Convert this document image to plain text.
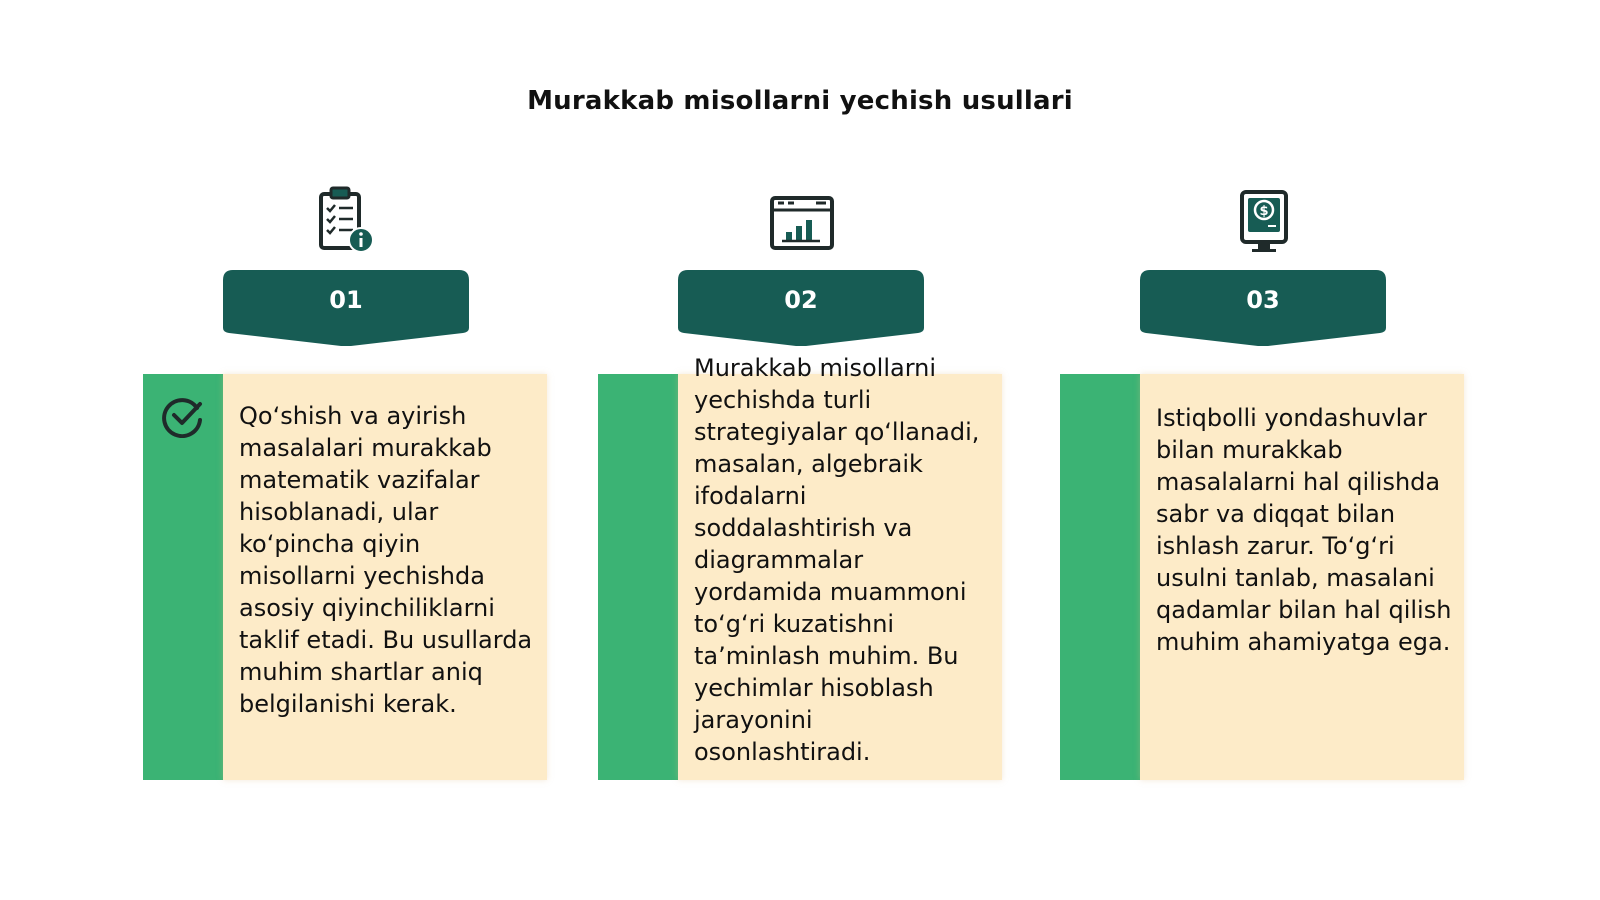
Murakkab misollarni yechish usullari
01
Qo‘shish va ayirish masalalari murakkab matematik vazifalar hisoblanadi, ular ko‘pincha qiyin misollarni yechishda asosiy qiyinchiliklarni taklif etadi. Bu usullarda muhim shartlar aniq belgilanishi kerak.
02
Murakkab misollarni yechishda turli strategiyalar qo‘llanadi, masalan, algebraik ifodalarni soddalashtirish va diagrammalar yordamida muammoni to‘g‘ri kuzatishni ta’minlash muhim. Bu yechimlar hisoblash jarayonini osonlashtiradi.
$
03
Istiqbolli yondashuvlar bilan murakkab masalalarni hal qilishda sabr va diqqat bilan ishlash zarur. To‘g‘ri usulni tanlab, masalani qadamlar bilan hal qilish muhim ahamiyatga ega.
